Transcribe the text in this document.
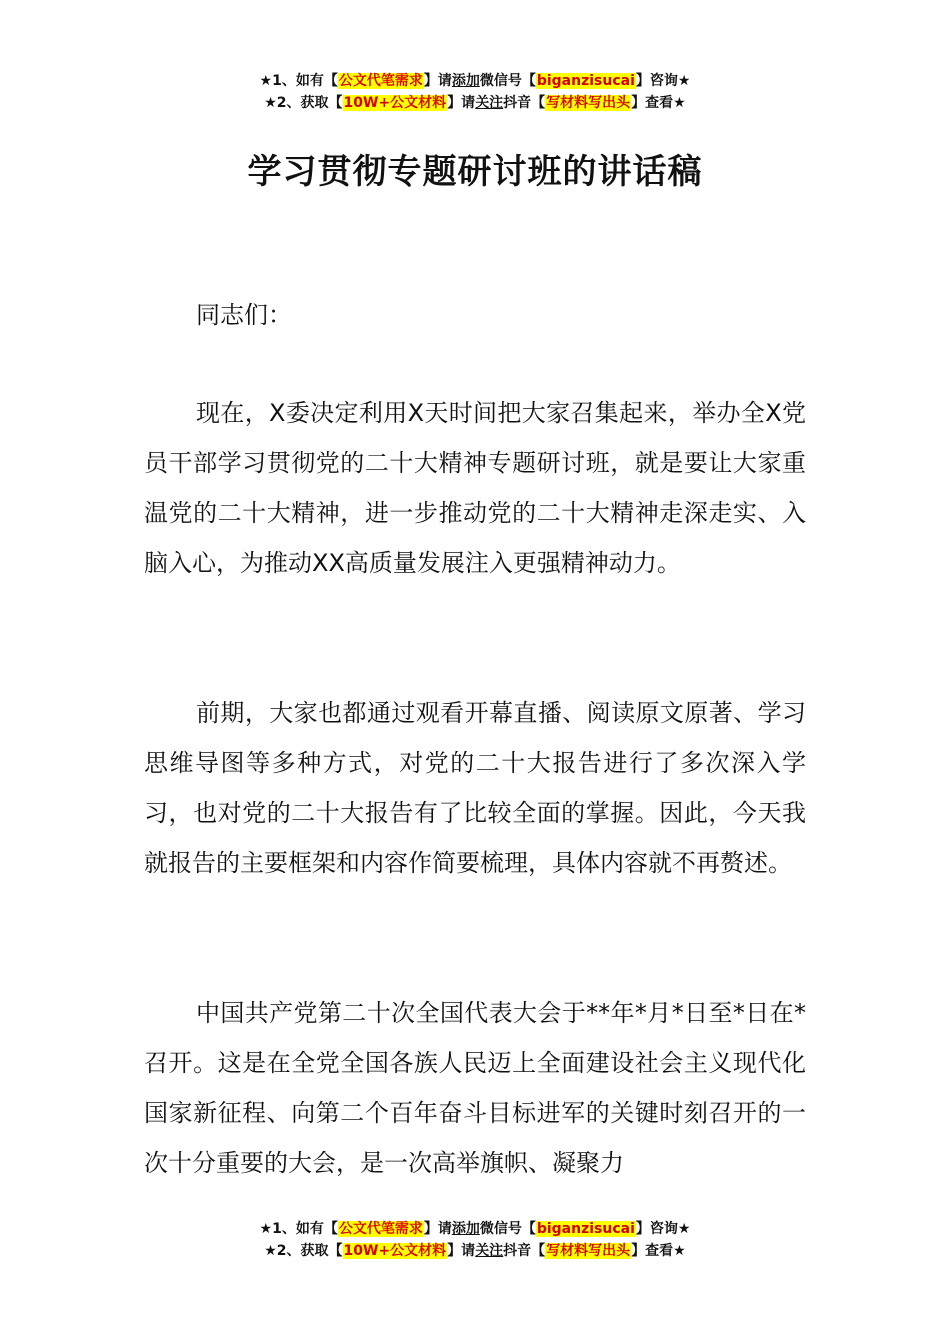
★1、如有【公文代笔需求】请添加微信号【biganzisucai】咨询★
★2、获取【10W+公文材料】请关注抖音【写材料写出头】查看★
学习贯彻专题研讨班的讲话稿

同志们：

现在，X委决定利用X天时间把大家召集起来，举办全X党员干部学习贯彻党的二十大精神专题研讨班，就是要让大家重温党的二十大精神，进一步推动党的二十大精神走深走实、入脑入心，为推动XX高质量发展注入更强精神动力。

前期，大家也都通过观看开幕直播、阅读原文原著、学习思维导图等多种方式，对党的二十大报告进行了多次深入学习，也对党的二十大报告有了比较全面的掌握。因此，今天我就报告的主要框架和内容作简要梳理，具体内容就不再赘述。

中国共产党第二十次全国代表大会于**年*月*日至*日在*召开。这是在全党全国各族人民迈上全面建设社会主义现代化国家新征程、向第二个百年奋斗目标进军的关键时刻召开的一次十分重要的大会，是一次高举旗帜、凝聚力

★1、如有【公文代笔需求】请添加微信号【biganzisucai】咨询★
★2、获取【10W+公文材料】请关注抖音【写材料写出头】查看★
